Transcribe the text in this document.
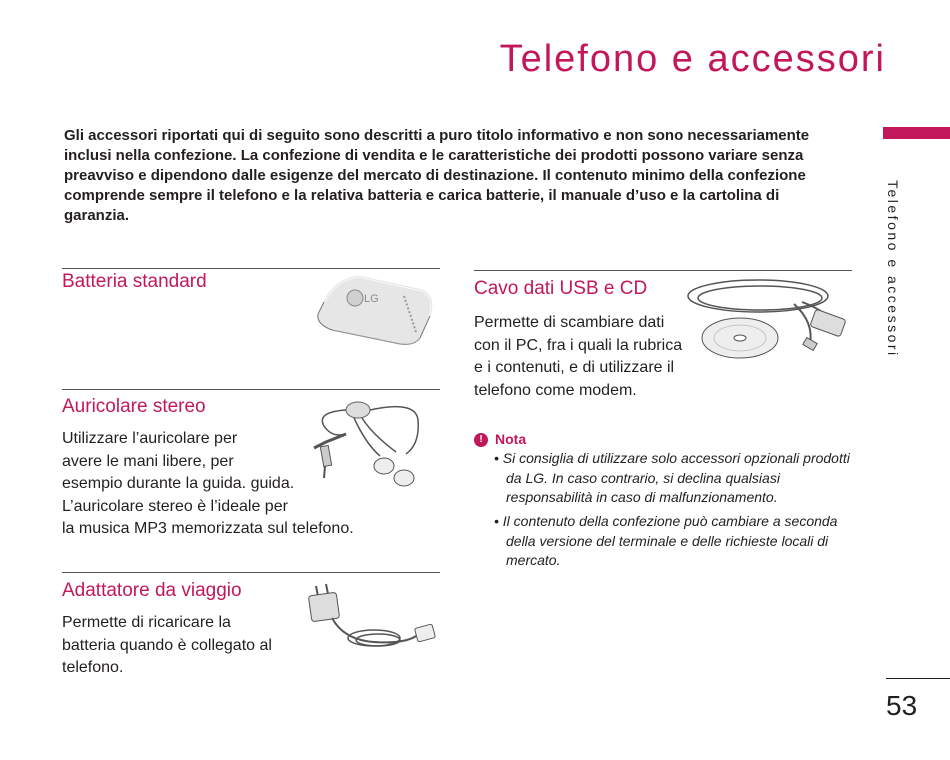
Telefono e accessori
Telefono e accessori
53
Gli accessori riportati qui di seguito sono descritti a puro titolo informativo e non sono necessariamente inclusi nella confezione. La confezione di vendita e le caratteristiche dei prodotti possono variare senza preavviso e dipendono dalle esigenze del mercato di destinazione. Il contenuto minimo della confezione comprende sempre il telefono e la relativa batteria e carica batterie, il manuale d’uso e la cartolina di garanzia.
Batteria standard
LG
Auricolare stereo
Utilizzare l’auricolare per
avere le mani libere, per
esempio durante la guida. guida.
L’auricolare stereo è l’ideale per
la musica MP3 memorizzata sul telefono.
Adattatore da viaggio
Permette di ricaricare la
batteria quando è collegato al
telefono.
Cavo dati USB e CD
Permette di scambiare dati
con il PC, fra i quali la rubrica
e i contenuti, e di utilizzare il
telefono come modem.
! Nota
• Si consiglia di utilizzare solo accessori opzionali prodotti da LG. In caso contrario, si declina qualsiasi responsabilità in caso di malfunzionamento.
• Il contenuto della confezione può cambiare a seconda della versione del terminale e delle richieste locali di mercato.
